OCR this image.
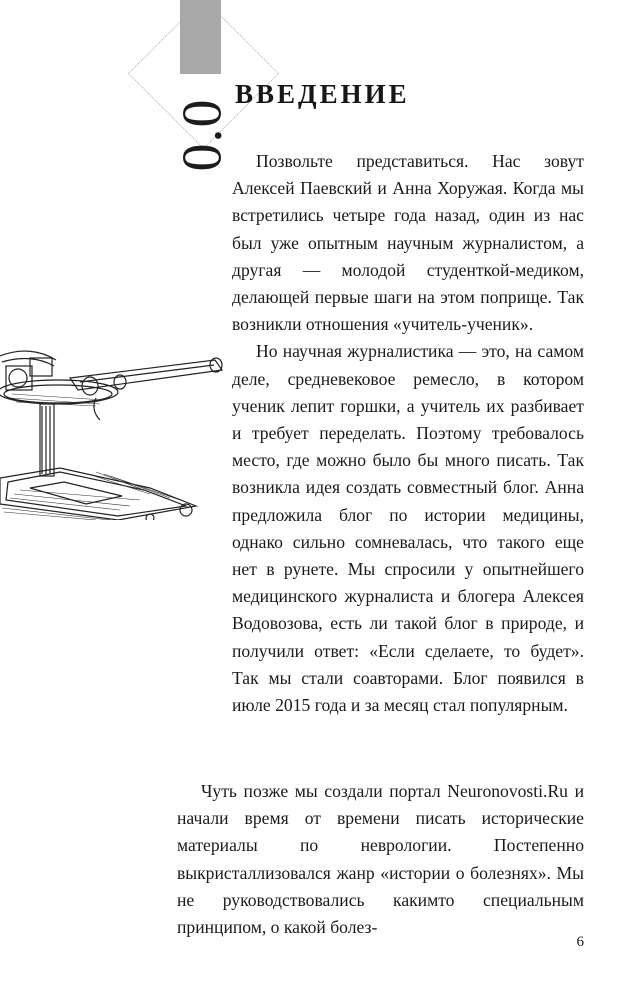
0.0
ВВЕДЕНИЕ

Позвольте представиться. Нас зовут Алексей Паевский и Анна Хоружая. Когда мы встретились четыре года назад, один из нас был уже опытным научным журналистом, а другая — молодой студенткой-медиком, делающей первые шаги на этом поприще. Так возникли отношения «учитель-ученик».

Но научная журналистика — это, на самом деле, средневековое ремесло, в котором ученик лепит горшки, а учитель их разбивает и требует переделать. Поэтому требовалось место, где можно было бы много писать. Так возникла идея создать совместный блог. Анна предложила блог по истории медицины, однако сильно сомневалась, что такого еще нет в рунете. Мы спросили у опытнейшего медицинского журналиста и блогера Алексея Водовозова, есть ли такой блог в природе, и получили ответ: «Если сделаете, то будет». Так мы стали соавторами. Блог появился в июле 2015 года и за месяц стал популярным.

Чуть позже мы создали портал Neuronovosti.Ru и начали время от времени писать исторические материалы по неврологии. Постепенно выкристаллизовался жанр «истории о болезнях». Мы не руководствовались какимто специальным принципом, о какой болез-

6
